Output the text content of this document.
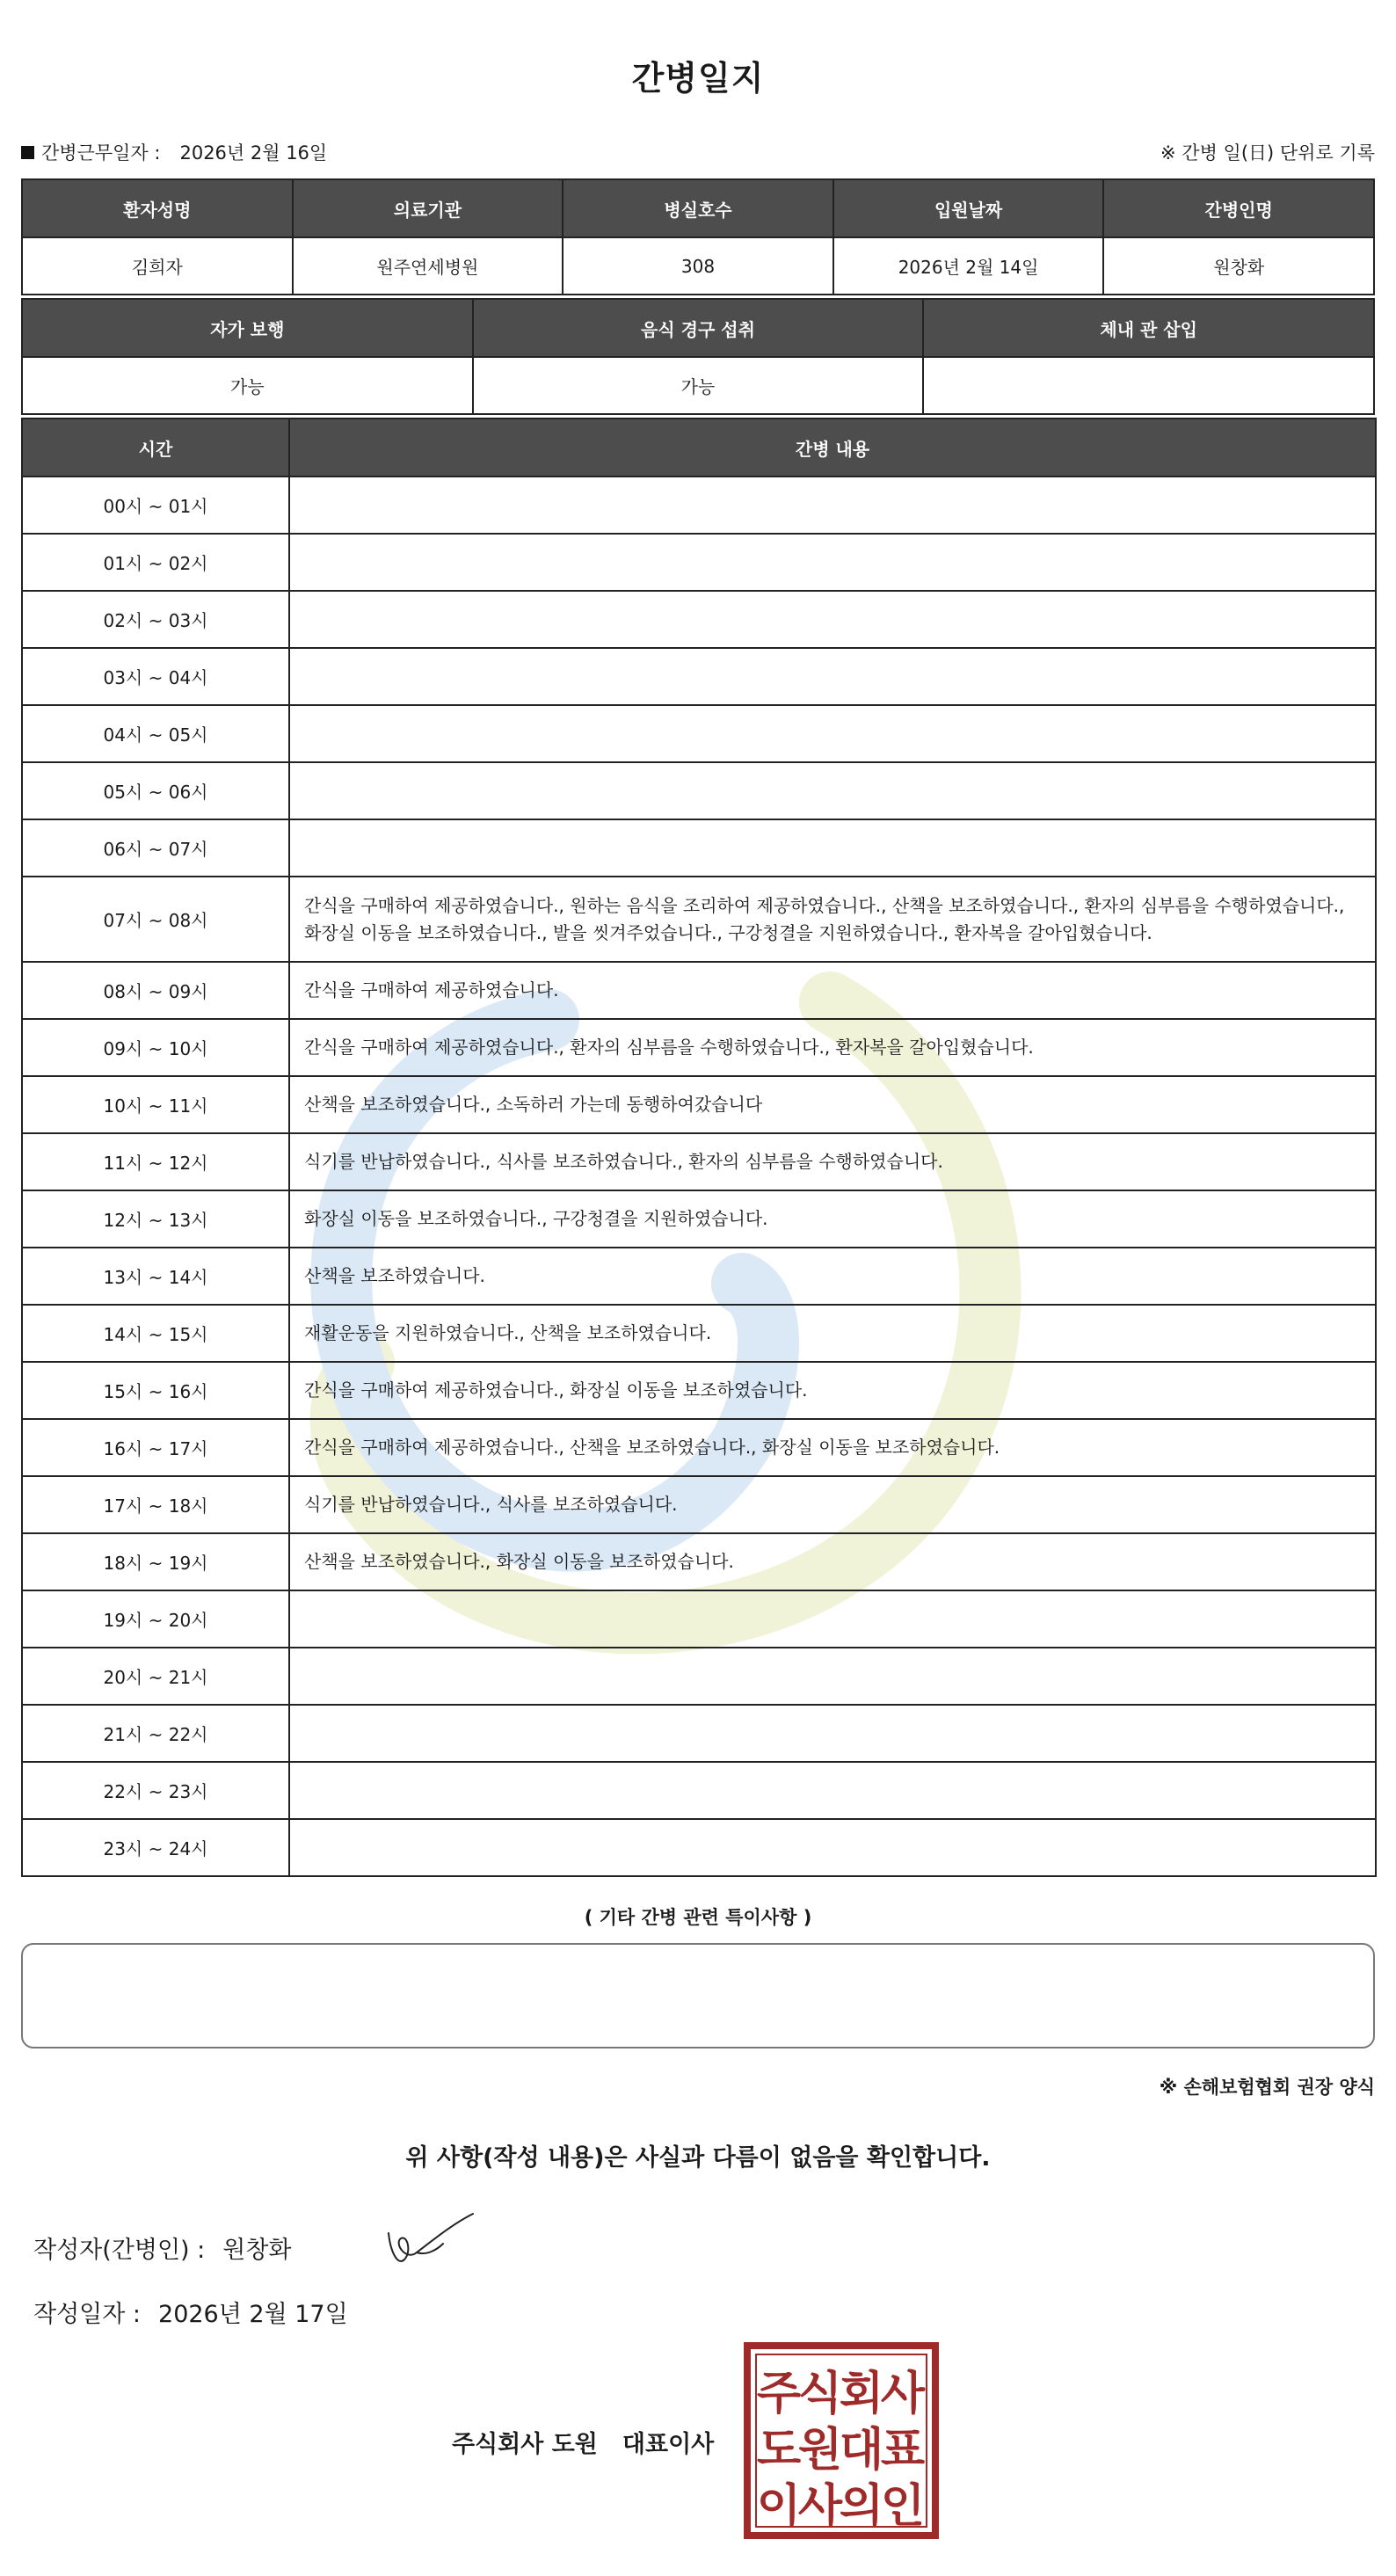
간병일지
간병근무일자 : 2026년 2월 16일	※ 간병 일(日) 단위로 기록
환자성명	의료기관	병실호수	입원날짜	간병인명
김희자	원주연세병원	308	2026년 2월 14일	원창화
자가 보행	음식 경구 섭취	체내 관 삽입
가능	가능	
시간	간병 내용
00시 ~ 01시	
01시 ~ 02시	
02시 ~ 03시	
03시 ~ 04시	
04시 ~ 05시	
05시 ~ 06시	
06시 ~ 07시	
07시 ~ 08시	간식을 구매하여 제공하였습니다., 원하는 음식을 조리하여 제공하였습니다., 산책을 보조하였습니다., 환자의 심부름을 수행하였습니다., 화장실 이동을 보조하였습니다., 발을 씻겨주었습니다., 구강청결을 지원하였습니다., 환자복을 갈아입혔습니다.
08시 ~ 09시	간식을 구매하여 제공하였습니다.
09시 ~ 10시	간식을 구매하여 제공하였습니다., 환자의 심부름을 수행하였습니다., 환자복을 갈아입혔습니다.
10시 ~ 11시	산책을 보조하였습니다., 소독하러 가는데 동행하여갔습니다
11시 ~ 12시	식기를 반납하였습니다., 식사를 보조하였습니다., 환자의 심부름을 수행하였습니다.
12시 ~ 13시	화장실 이동을 보조하였습니다., 구강청결을 지원하였습니다.
13시 ~ 14시	산책을 보조하였습니다.
14시 ~ 15시	재활운동을 지원하였습니다., 산책을 보조하였습니다.
15시 ~ 16시	간식을 구매하여 제공하였습니다., 화장실 이동을 보조하였습니다.
16시 ~ 17시	간식을 구매하여 제공하였습니다., 산책을 보조하였습니다., 화장실 이동을 보조하였습니다.
17시 ~ 18시	식기를 반납하였습니다., 식사를 보조하였습니다.
18시 ~ 19시	산책을 보조하였습니다., 화장실 이동을 보조하였습니다.
19시 ~ 20시	
20시 ~ 21시	
21시 ~ 22시	
22시 ~ 23시	
23시 ~ 24시	
( 기타 간병 관련 특이사항 )
※ 손해보험협회 권장 양식
위 사항(작성 내용)은 사실과 다름이 없음을 확인합니다.
작성자(간병인) : 원창화
작성일자 : 2026년 2월 17일
주식회사 도원 대표이사
주
식
회
사
도
원
대
표
이
사
의
인
